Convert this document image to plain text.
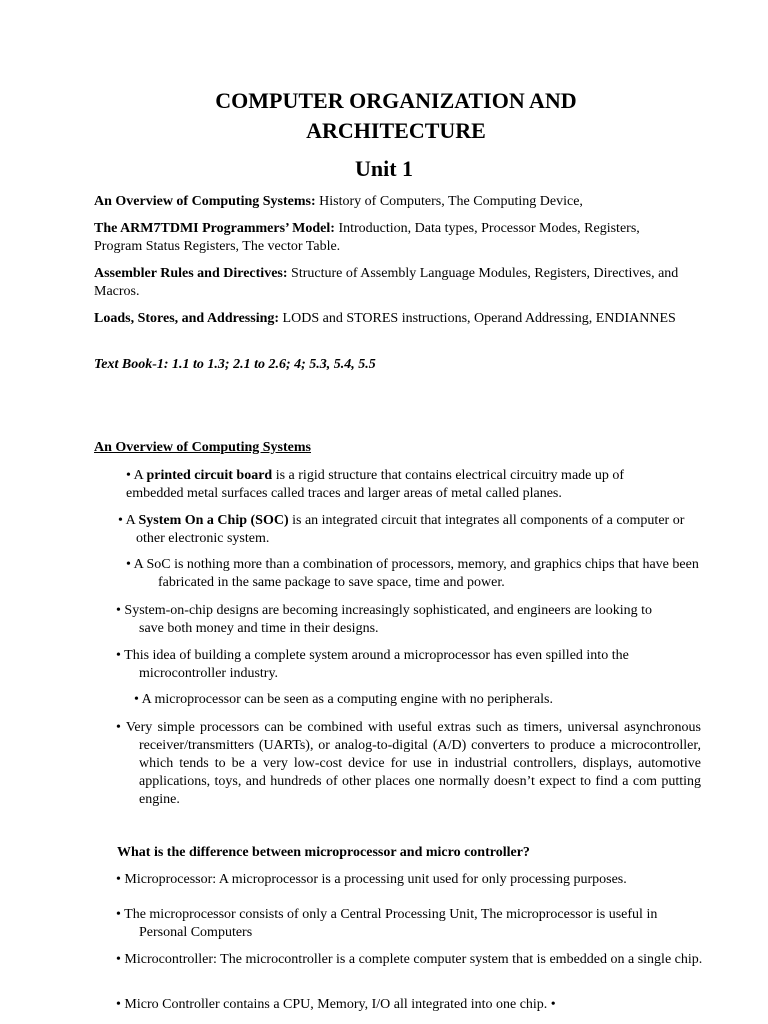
COMPUTER ORGANIZATION AND ARCHITECTURE
Unit 1
An Overview of Computing Systems: History of Computers, The Computing Device,
The ARM7TDMI Programmers’ Model: Introduction, Data types, Processor Modes, Registers, Program Status Registers, The vector Table.
Assembler Rules and Directives: Structure of Assembly Language Modules, Registers, Directives, and Macros.
Loads, Stores, and Addressing: LODS and STORES instructions, Operand Addressing, ENDIANNES
Text Book-1: 1.1 to 1.3; 2.1 to 2.6; 4; 5.3, 5.4, 5.5
An Overview of Computing Systems
• A printed circuit board is a rigid structure that contains electrical circuitry made up of embedded metal surfaces called traces and larger areas of metal called planes.
• A System On a Chip (SOC) is an integrated circuit that integrates all components of a computer or other electronic system.
• A SoC is nothing more than a combination of processors, memory, and graphics chips that have been fabricated in the same package to save space, time and power.
• System-on-chip designs are becoming increasingly sophisticated, and engineers are looking to save both money and time in their designs.
• This idea of building a complete system around a microprocessor has even spilled into the microcontroller industry.
• A microprocessor can be seen as a computing engine with no peripherals.
• Very simple processors can be combined with useful extras such as timers, universal asynchronous receiver/transmitters (UARTs), or analog-to-digital (A/D) converters to produce a microcontroller, which tends to be a very low-cost device for use in industrial controllers, displays, automotive applications, toys, and hundreds of other places one normally doesn’t expect to find a com putting engine.
What is the difference between microprocessor and micro controller?
• Microprocessor: A microprocessor is a processing unit used for only processing purposes.
• The microprocessor consists of only a Central Processing Unit, The microprocessor is useful in Personal Computers
• Microcontroller: The microcontroller is a complete computer system that is embedded on a single chip.
• Micro Controller contains a CPU, Memory, I/O all integrated into one chip. •
